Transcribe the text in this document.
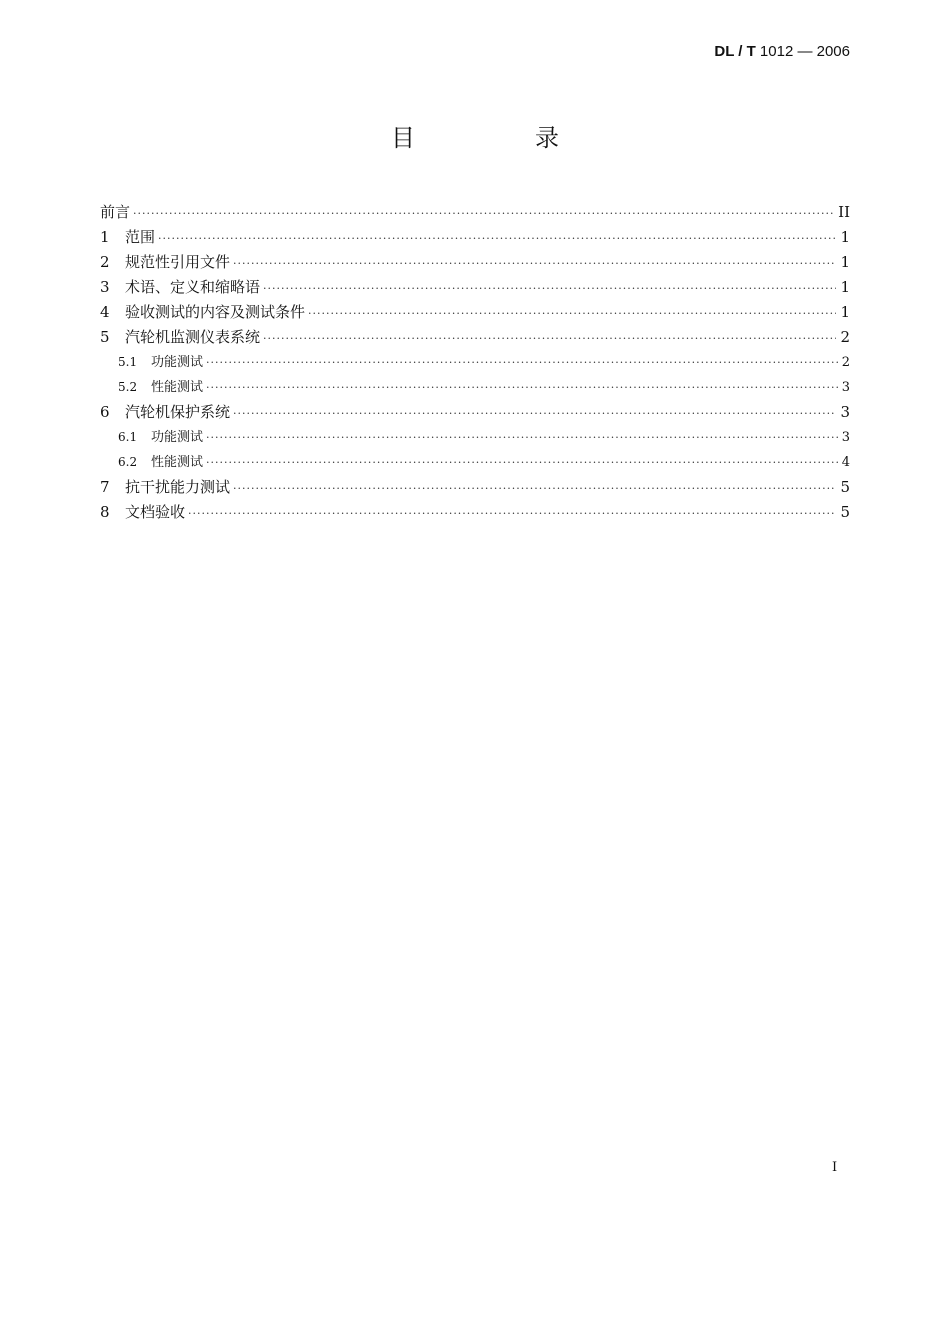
DL / T 1012 — 2006
目　录
前言 ·····	II
1	范围 ·····	1
2	规范性引用文件 ·····	1
3	术语、定义和缩略语 ·····	1
4	验收测试的内容及测试条件 ·····	1
5	汽轮机监测仪表系统 ·····	2
5.1	功能测试 ·····	2
5.2	性能测试 ·····	3
6	汽轮机保护系统 ·····	3
6.1	功能测试 ·····	3
6.2	性能测试 ·····	4
7	抗干扰能力测试 ·····	5
8	文档验收 ·····	5
I
